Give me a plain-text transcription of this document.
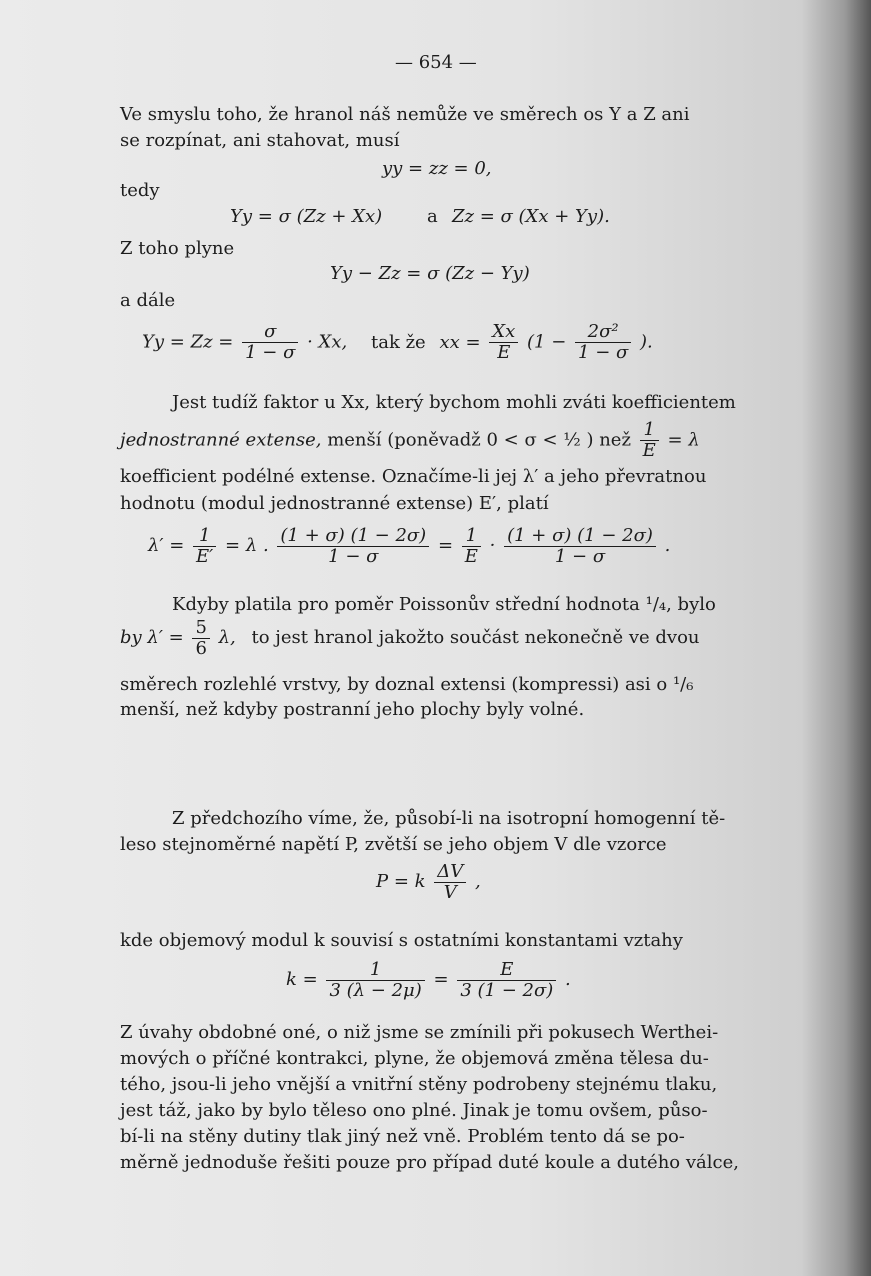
— 654 —
Ve smyslu toho, že hranol náš nemůže ve směrech os Y a Z ani
se rozpínat, ani stahovat, musí
yy = zz = 0,
tedy
Yy = σ (Zz + Xx) a Zz = σ (Xx + Yy).
Z toho plyne
Yy − Zz = σ (Zz − Yy)
a dále
$Yy = Zz = \frac{\sigma}{1 - \sigma} \cdot Xx$, tak že xx = $\frac{Xx}{E} (1 - \frac{\text{2σ²}}{1 - \sigma}$ ).
Jest tudíž faktor u Xx, který bychom mohli zváti koefficientem
jednostranné extense, menší (poněvadž 0 < σ < ½ ) než $\frac{1}{E} = \lambda$
koefficient podélné extense. Označíme-li jej λ′ a jeho převratnou
hodnotu (modul jednostranné extense) E′, platí
$\lambda' = \frac{1}{E'} = \lambda$ . $\frac{(1 + \sigma) (1 - 2\sigma)}{1 - \sigma} = \frac{1}{E} \cdot \frac{(1 + \sigma) (1 - 2\sigma)}{1 - \sigma}$ .
Kdyby platila pro poměr Poissonův střední hodnota ¹/₄, bylo
by $\lambda' = \frac{5}{6} \lambda$, to jest hranol jakožto součást nekonečně ve dvou
směrech rozlehlé vrstvy, by doznal extensi (kompressi) asi o ¹/₆
menší, než kdyby postranní jeho plochy byly volné.
Z předchozího víme, že, působí-li na isotropní homogenní tě-
leso stejnoměrné napětí P, zvětší se jeho objem V dle vzorce
P = k $\frac{\Delta V}{V}$ ,
kde objemový modul k souvisí s ostatními konstantami vztahy
$k = \frac{1}{3 (\lambda - 2\mu)} = \frac{E}{3 (1 - 2\sigma)}$ .
Z úvahy obdobné oné, o niž jsme se zmínili při pokusech Werthei-
mových o příčné kontrakci, plyne, že objemová změna tělesa du-
tého, jsou-li jeho vnější a vnitřní stěny podrobeny stejnému tlaku,
jest táž, jako by bylo těleso ono plné. Jinak je tomu ovšem, půso-
bí-li na stěny dutiny tlak jiný než vně. Problém tento dá se po-
měrně jednoduše řešiti pouze pro případ duté koule a dutého válce,
